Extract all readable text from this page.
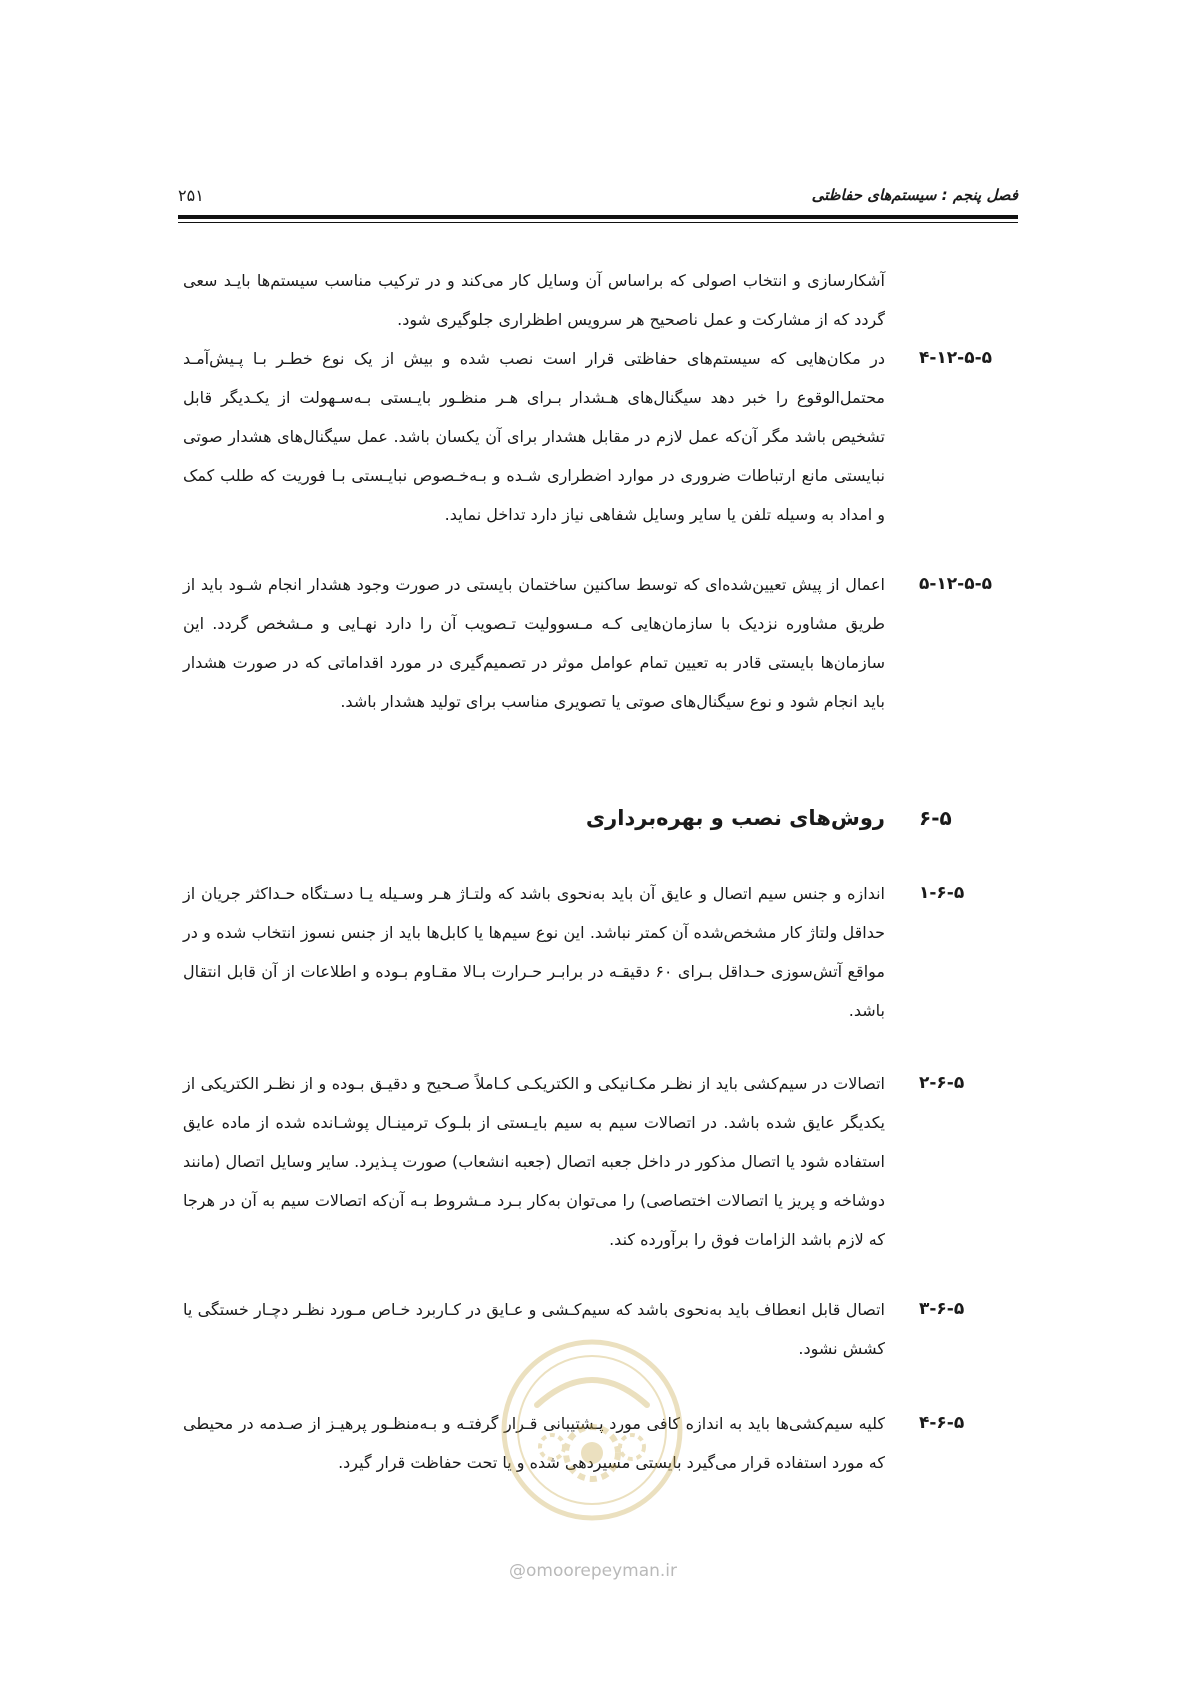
فصل پنجم : سیستم‌های حفاظتی
۲۵۱
آشکارسازی و انتخاب اصولی که براساس آن وسایل کار می‌کند و در ترکیب مناسب سیستم‌ها بایـد سعی گردد که از مشارکت و عمل ناصحیح هر سرویس اطظراری جلوگیری شود.
۴-۱۲-۵-۵
در مکان‌هایی که سیستم‌های حفاظتی قرار است نصب شده و بیش از یک نوع خطـر بـا پـیش‌آمـد محتمل‌الوقوع را خبر دهد سیگنال‌های هـشدار بـرای هـر منظـور بایـستی بـه‌سـهولت از یکـدیگر قابل تشخیص باشد مگر آن‌که عمل لازم در مقابل هشدار برای آن یکسان باشد. عمل سیگنال‌های هشدار صوتی نبایستی مانع ارتباطات ضروری در موارد اضطراری شـده و بـه‌خـصوص نبایـستی بـا فوریت که طلب کمک و امداد به وسیله تلفن یا سایر وسایل شفاهی نیاز دارد تداخل نماید.
۵-۱۲-۵-۵
اعمال از پیش تعیین‌شده‌ای که توسط ساکنین ساختمان بایستی در صورت وجود هشدار انجام شـود باید از طریق مشاوره نزدیک با سازمان‌هایی کـه مـسوولیت تـصویب آن را دارد نهـایی و مـشخص گردد. این سازمان‌ها بایستی قادر به تعیین تمام عوامل موثر در تصمیم‌گیری در مورد اقداماتی که در صورت هشدار باید انجام شود و نوع سیگنال‌های صوتی یا تصویری مناسب برای تولید هشدار باشد.
۶-۵
روش‌های نصب و بهره‌برداری
۱-۶-۵
اندازه و جنس سیم اتصال و عایق آن باید به‌نحوی باشد که ولتـاژ هـر وسـیله یـا دسـتگاه حـداکثر جریان از حداقل ولتاژ کار مشخص‌شده آن کمتر نباشد. این نوع سیم‌ها یا کابل‌ها باید از جنس نسوز انتخاب شده و در مواقع آتش‌سوزی حـداقل بـرای ۶۰ دقیقـه در برابـر حـرارت بـالا مقـاوم بـوده و اطلاعات از آن قابل انتقال باشد.
۲-۶-۵
اتصالات در سیم‌کشی باید از نظـر مکـانیکی و الکتریکـی کـاملاً صـحیح و دقیـق بـوده و از نظـر الکتریکی از یکدیگر عایق شده باشد. در اتصالات سیم به سیم بایـستی از بلـوک ترمینـال پوشـانده شده از ماده عایق استفاده شود یا اتصال مذکور در داخل جعبه اتصال (جعبه انشعاب) صورت پـذیرد. سایر وسایل اتصال (مانند دوشاخه و پریز یا اتصالات اختصاصی) را می‌توان به‌کار بـرد مـشروط بـه آن‌که اتصالات سیم به آن در هرجا که لازم باشد الزامات فوق را برآورده کند.
۳-۶-۵
اتصال قابل انعطاف باید به‌نحوی باشد که سیم‌کـشی و عـایق در کـاربرد خـاص مـورد نظـر دچـار خستگی یا کشش نشود.
۴-۶-۵
کلیه سیم‌کشی‌ها باید به اندازه کافی مورد پـشتیبانی قـرار گرفتـه و بـه‌منظـور پرهیـز از صـدمه در محیطی که مورد استفاده قرار می‌گیرد بایستی مسیردهی شده و یا تحت حفاظت قرار گیرد.
@omoorepeyman.ir
